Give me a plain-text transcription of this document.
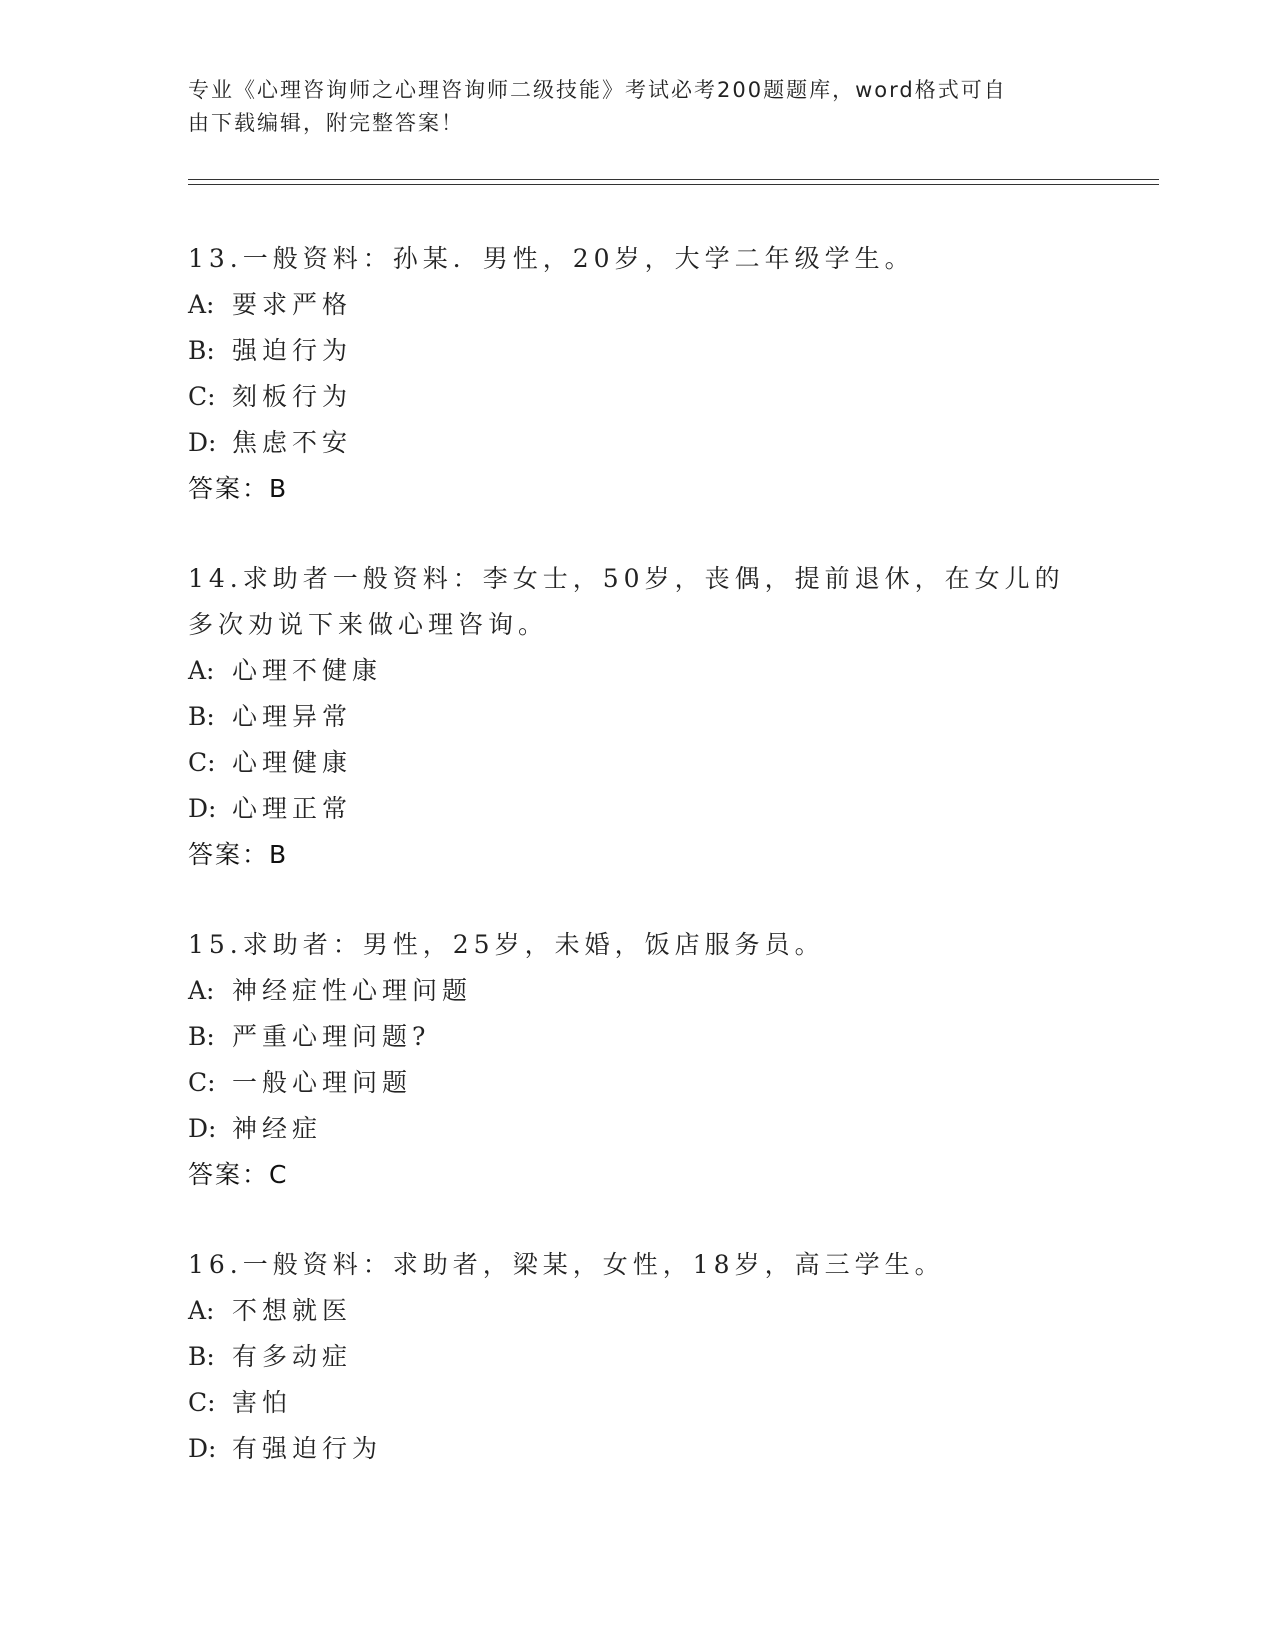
专业《心理咨询师之心理咨询师二级技能》考试必考200题题库，word格式可自
由下载编辑，附完整答案！
13.一般资料：孙某．男性，20岁，大学二年级学生。
A: 要求严格
B: 强迫行为
C: 刻板行为
D: 焦虑不安
答案：B
14.求助者一般资料：李女士，50岁，丧偶，提前退休，在女儿的多次劝说下来做心理咨询。
A: 心理不健康
B: 心理异常
C: 心理健康
D: 心理正常
答案：B
15.求助者：男性，25岁，未婚，饭店服务员。
A: 神经症性心理问题
B: 严重心理问题?
C: 一般心理问题
D: 神经症
答案：C
16.一般资料：求助者，梁某，女性，18岁，高三学生。
A: 不想就医
B: 有多动症
C: 害怕
D: 有强迫行为
